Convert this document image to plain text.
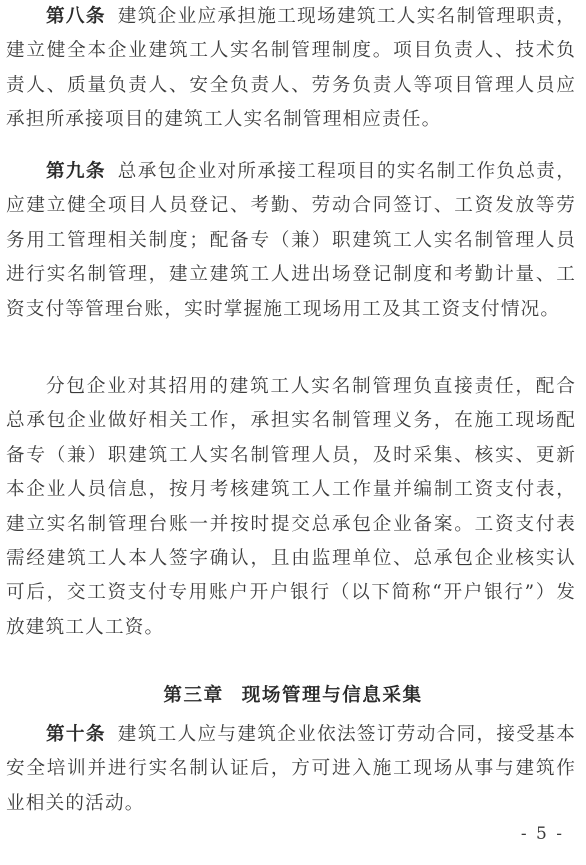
第八条 建筑企业应承担施工现场建筑工人实名制管理职责，建立健全本企业建筑工人实名制管理制度。项目负责人、技术负责人、质量负责人、安全负责人、劳务负责人等项目管理人员应承担所承接项目的建筑工人实名制管理相应责任。

第九条 总承包企业对所承接工程项目的实名制工作负总责，应建立健全项目人员登记、考勤、劳动合同签订、工资发放等劳务用工管理相关制度；配备专（兼）职建筑工人实名制管理人员进行实名制管理，建立建筑工人进出场登记制度和考勤计量、工资支付等管理台账，实时掌握施工现场用工及其工资支付情况。

分包企业对其招用的建筑工人实名制管理负直接责任，配合总承包企业做好相关工作，承担实名制管理义务，在施工现场配备专（兼）职建筑工人实名制管理人员，及时采集、核实、更新本企业人员信息，按月考核建筑工人工作量并编制工资支付表，建立实名制管理台账一并按时提交总承包企业备案。工资支付表需经建筑工人本人签字确认，且由监理单位、总承包企业核实认可后，交工资支付专用账户开户银行（以下简称“开户银行”）发放建筑工人工资。

第三章 现场管理与信息采集

第十条 建筑工人应与建筑企业依法签订劳动合同，接受基本安全培训并进行实名制认证后，方可进入施工现场从事与建筑作业相关的活动。

- 5 -
